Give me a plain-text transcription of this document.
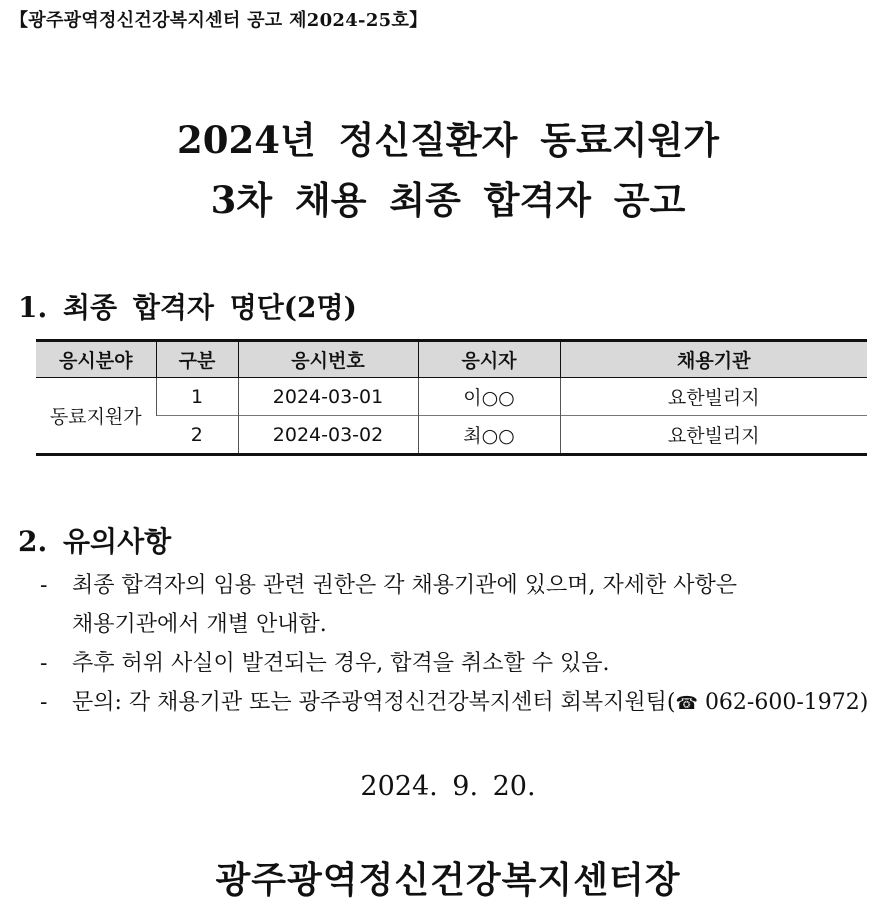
【광주광역정신건강복지센터 공고 제2024-25호】
2024년 정신질환자 동료지원가
3차 채용 최종 합격자 공고
1. 최종 합격자 명단(2명)
응시분야	구분	응시번호	응시자	채용기관
동료지원가	1	2024-03-01	이○○	요한빌리지
	2	2024-03-02	최○○	요한빌리지
2. 유의사항
-	최종 합격자의 임용 관련 권한은 각 채용기관에 있으며, 자세한 사항은
채용기관에서 개별 안내함.
-	추후 허위 사실이 발견되는 경우, 합격을 취소할 수 있음.
-	문의: 각 채용기관 또는 광주광역정신건강복지센터 회복지원팀(☎ 062-600-1972)
2024. 9. 20.
광주광역정신건강복지센터장
